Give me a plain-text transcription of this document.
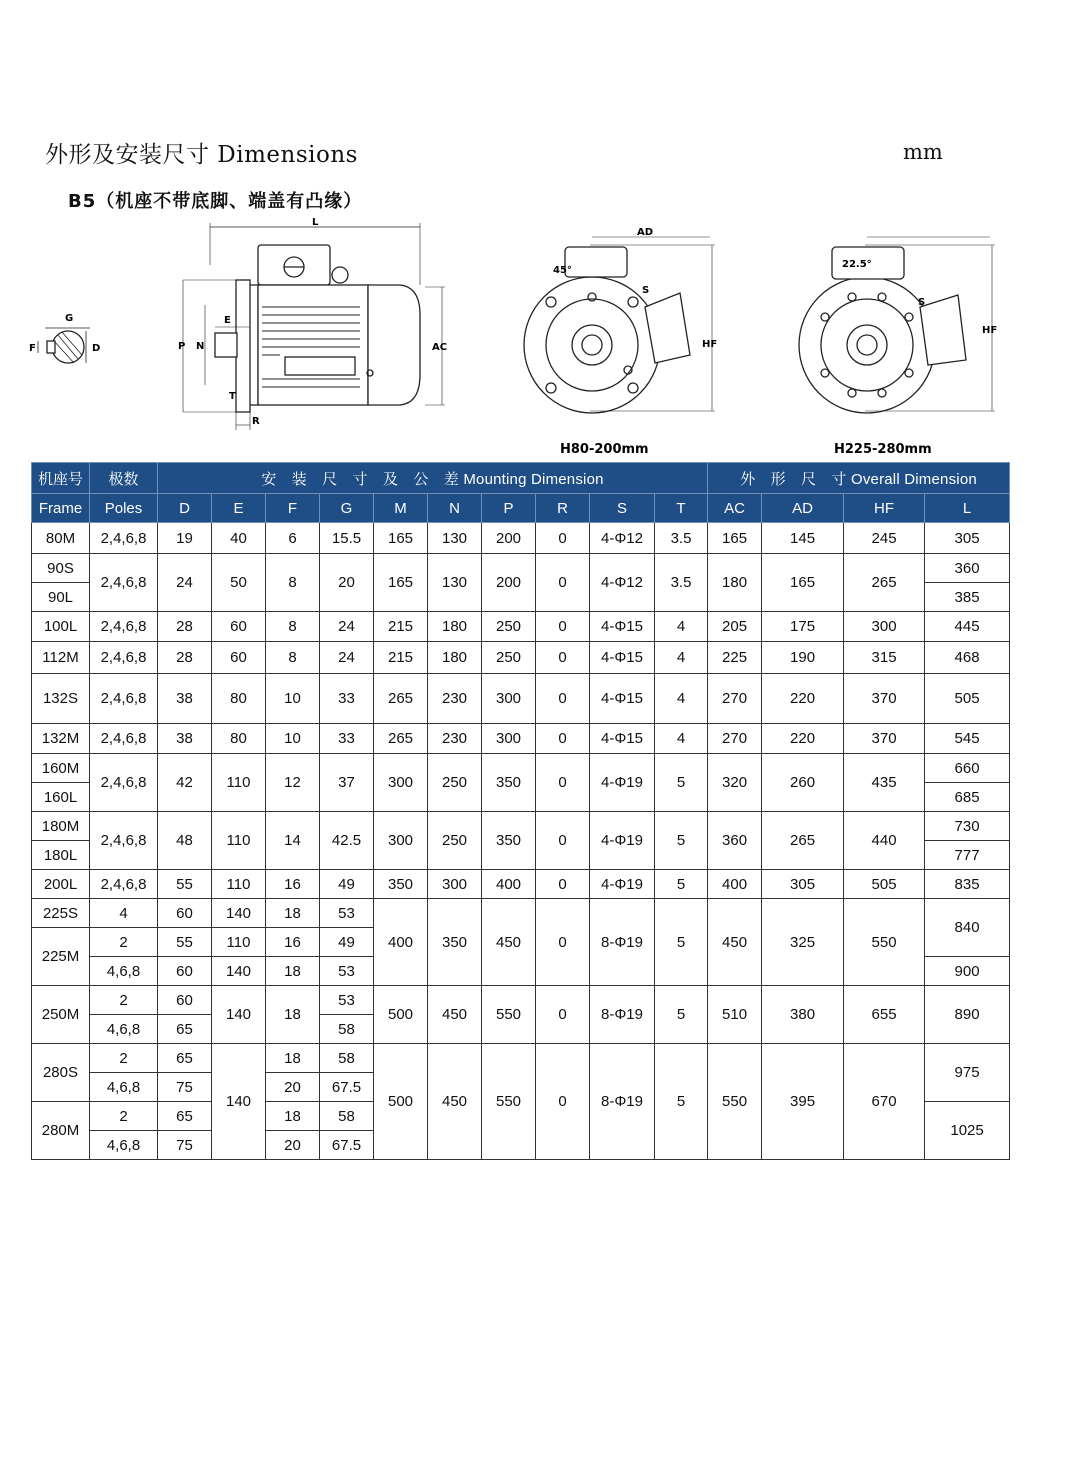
外形及安装尺寸 Dimensions	mm
B5（机座不带底脚、端盖有凸缘）
G
F	D
L
E
P N	AC
T
R
AD
45°
S
HF
H80-200mm
22.5°
S
HF
H225-280mm
机座号	极数	安　装　尺　寸　及　公　差 Mounting Dimension										外　形　尺　寸 Overall Dimension			
Frame	Poles	D	E	F	G	M	N	P	R	S	T	AC	AD	HF	L
80M	2,4,6,8	19	40	6	15.5	165	130	200	0	4-Φ12	3.5	165	145	245	305
90S	2,4,6,8	24	50	8	20	165	130	200	0	4-Φ12	3.5	180	165	265	360
90L															385
100L	2,4,6,8	28	60	8	24	215	180	250	0	4-Φ15	4	205	175	300	445
112M	2,4,6,8	28	60	8	24	215	180	250	0	4-Φ15	4	225	190	315	468
132S	2,4,6,8	38	80	10	33	265	230	300	0	4-Φ15	4	270	220	370	505
132M	2,4,6,8	38	80	10	33	265	230	300	0	4-Φ15	4	270	220	370	545
160M	2,4,6,8	42	110	12	37	300	250	350	0	4-Φ19	5	320	260	435	660
160L															685
180M	2,4,6,8	48	110	14	42.5	300	250	350	0	4-Φ19	5	360	265	440	730
180L															777
200L	2,4,6,8	55	110	16	49	350	300	400	0	4-Φ19	5	400	305	505	835
225S	4	60	140	18	53	400	350	450	0	8-Φ19	5	450	325	550	840
225M	2	55	110	16	49										
	4,6,8	60	140	18	53										900
250M	2	60	140	18	53	500	450	550	0	8-Φ19	5	510	380	655	890
	4,6,8	65			58										
280S	2	65	140	18	58	500	450	550	0	8-Φ19	5	550	395	670	975
	4,6,8	75		20	67.5										
280M	2	65		18	58										1025
	4,6,8	75		20	67.5										
